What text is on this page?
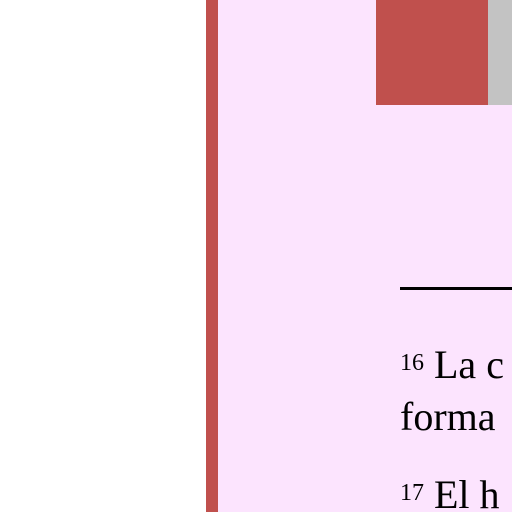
$^{16}$ La c
forma
$^{17}$ El h
